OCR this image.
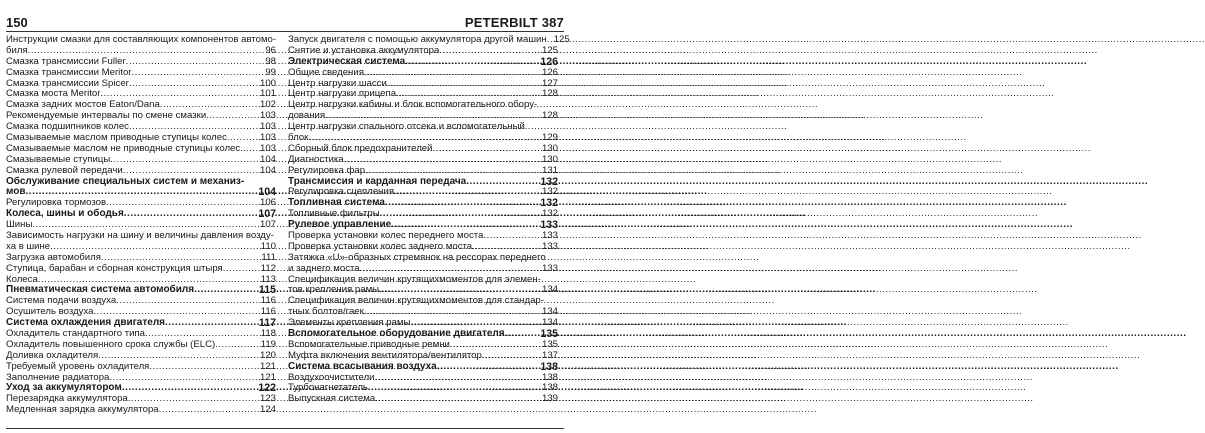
150	PETERBILT 387
Инструкции смазки для составляющих компонентов автомо-
биля .....	96
Смазка трансмиссии Fuller .....	98
Смазка трансмиссии Meritor .....	99
Смазка трансмиссии Spicer .....	100
Смазка моста Meritor .....	101
Смазка задних мостов Eaton/Dana .....	102
Рекомендуемые интервалы по смене смазки .....	103
Смазка подшипников колес .....	103
Смазываемые маслом приводные ступицы колес .....	103
Смазываемые маслом не приводные ступицы колес. ..... 103
Смазываемые ступицы .....	104
Смазка рулевой передачи .....	104
Обслуживание специальных систем и механиз-
мов .....	104
Регулировка тормозов .....	106
Колеса, шины и ободья .....	107
Шины .....	107
Зависимость нагрузки на шину и величины давления возду-
ха в шине .....	110
Загрузка автомобиля .....	111
Ступица, барабан и сборная конструкция штыря .....	112
Колеса .....	113
Пневматическая система автомобиля .....	115
Система подачи воздуха .....	116
Осушитель воздуха .....	116
Система охлаждения двигателя .....	117
Охладитель стандартного типа .....	118
Охладитель повышенного срока службы (ELC) .....	119
Доливка охладителя .....	120
Требуемый уровень охладителя .....	121
Заполнение радиатора .....	121
Уход за аккумулятором .....	122
Перезарядка аккумулятора .....	123
Медленная зарядка аккумулятора .....	124
Запуск двигателя с помощью аккумулятора другой машин ..... 125
Снятие и установка аккумулятора .....	125
Электрическая система .....	126
Общие сведения .....	126
Центр нагрузки шасси .....	127
Центр нагрузки прицепа .....	128
Центр нагрузки кабины и блок вспомогательного обору-
дования .....	128
Центр нагрузки спального отсека и вспомогательный
блок .....	129
Сборный блок предохранителей .....	130
Диагностика .....	130
Регулировка фар .....	131
Трансмиссия и карданная передача .....	132
Регулировка сцепления .....	132
Топливная система .....	132
Топливные фильтры .....	132
Рулевое управление .....	133
Проверка установки колес переднего моста .....	133
Проверка установки колес заднего моста .....	133
Затяжка «U»-образных стремянок на рессорах переднего
и заднего моста .....	133
Спецификация величин крутящихмоментов для элемен-
тов крепления рамы .....	134
Спецификация величин крутящихмоментов для стандар-
тных болтов/гаек .....	134
Элементы крепления рамы .....	134
Вспомогательное оборудование двигателя .....	135
Вспомогательные приводные ремни .....	135
Муфта включения вентилятора/вентилятор .....	137
Система всасывания воздуха .....	138
Воздухоочистители .....	138
Турбонагнетатель .....	138
Выпускная система .....	139
